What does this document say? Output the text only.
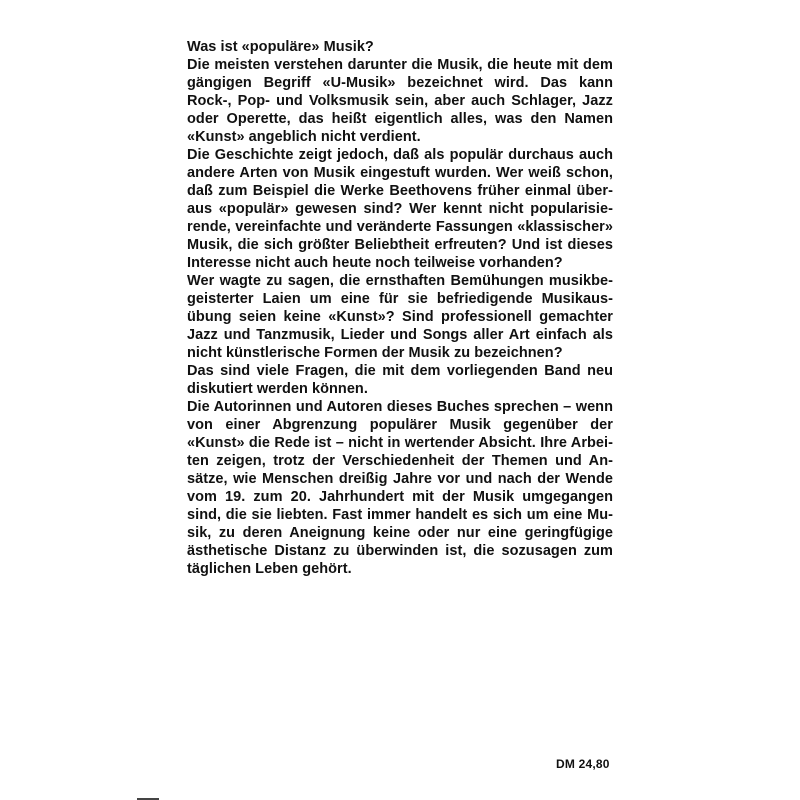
Was ist «populäre» Musik?
Die meisten verstehen darunter die Musik, die heute mit dem
gängigen Begriff «U-Musik» bezeichnet wird. Das kann
Rock-, Pop- und Volksmusik sein, aber auch Schlager, Jazz
oder Operette, das heißt eigentlich alles, was den Namen
«Kunst» angeblich nicht verdient.
Die Geschichte zeigt jedoch, daß als populär durchaus auch
andere Arten von Musik eingestuft wurden. Wer weiß schon,
daß zum Beispiel die Werke Beethovens früher einmal über-
aus «populär» gewesen sind? Wer kennt nicht popularisie-
rende, vereinfachte und veränderte Fassungen «klassischer»
Musik, die sich größter Beliebtheit erfreuten? Und ist dieses
Interesse nicht auch heute noch teilweise vorhanden?
Wer wagte zu sagen, die ernsthaften Bemühungen musikbe-
geisterter Laien um eine für sie befriedigende Musikaus-
übung seien keine «Kunst»? Sind professionell gemachter
Jazz und Tanzmusik, Lieder und Songs aller Art einfach als
nicht künstlerische Formen der Musik zu bezeichnen?
Das sind viele Fragen, die mit dem vorliegenden Band neu
diskutiert werden können.
Die Autorinnen und Autoren dieses Buches sprechen – wenn
von einer Abgrenzung populärer Musik gegenüber der
«Kunst» die Rede ist – nicht in wertender Absicht. Ihre Arbei-
ten zeigen, trotz der Verschiedenheit der Themen und An-
sätze, wie Menschen dreißig Jahre vor und nach der Wende
vom 19. zum 20. Jahrhundert mit der Musik umgegangen
sind, die sie liebten. Fast immer handelt es sich um eine Mu-
sik, zu deren Aneignung keine oder nur eine geringfügige
ästhetische Distanz zu überwinden ist, die sozusagen zum
täglichen Leben gehört.
DM 24,80
